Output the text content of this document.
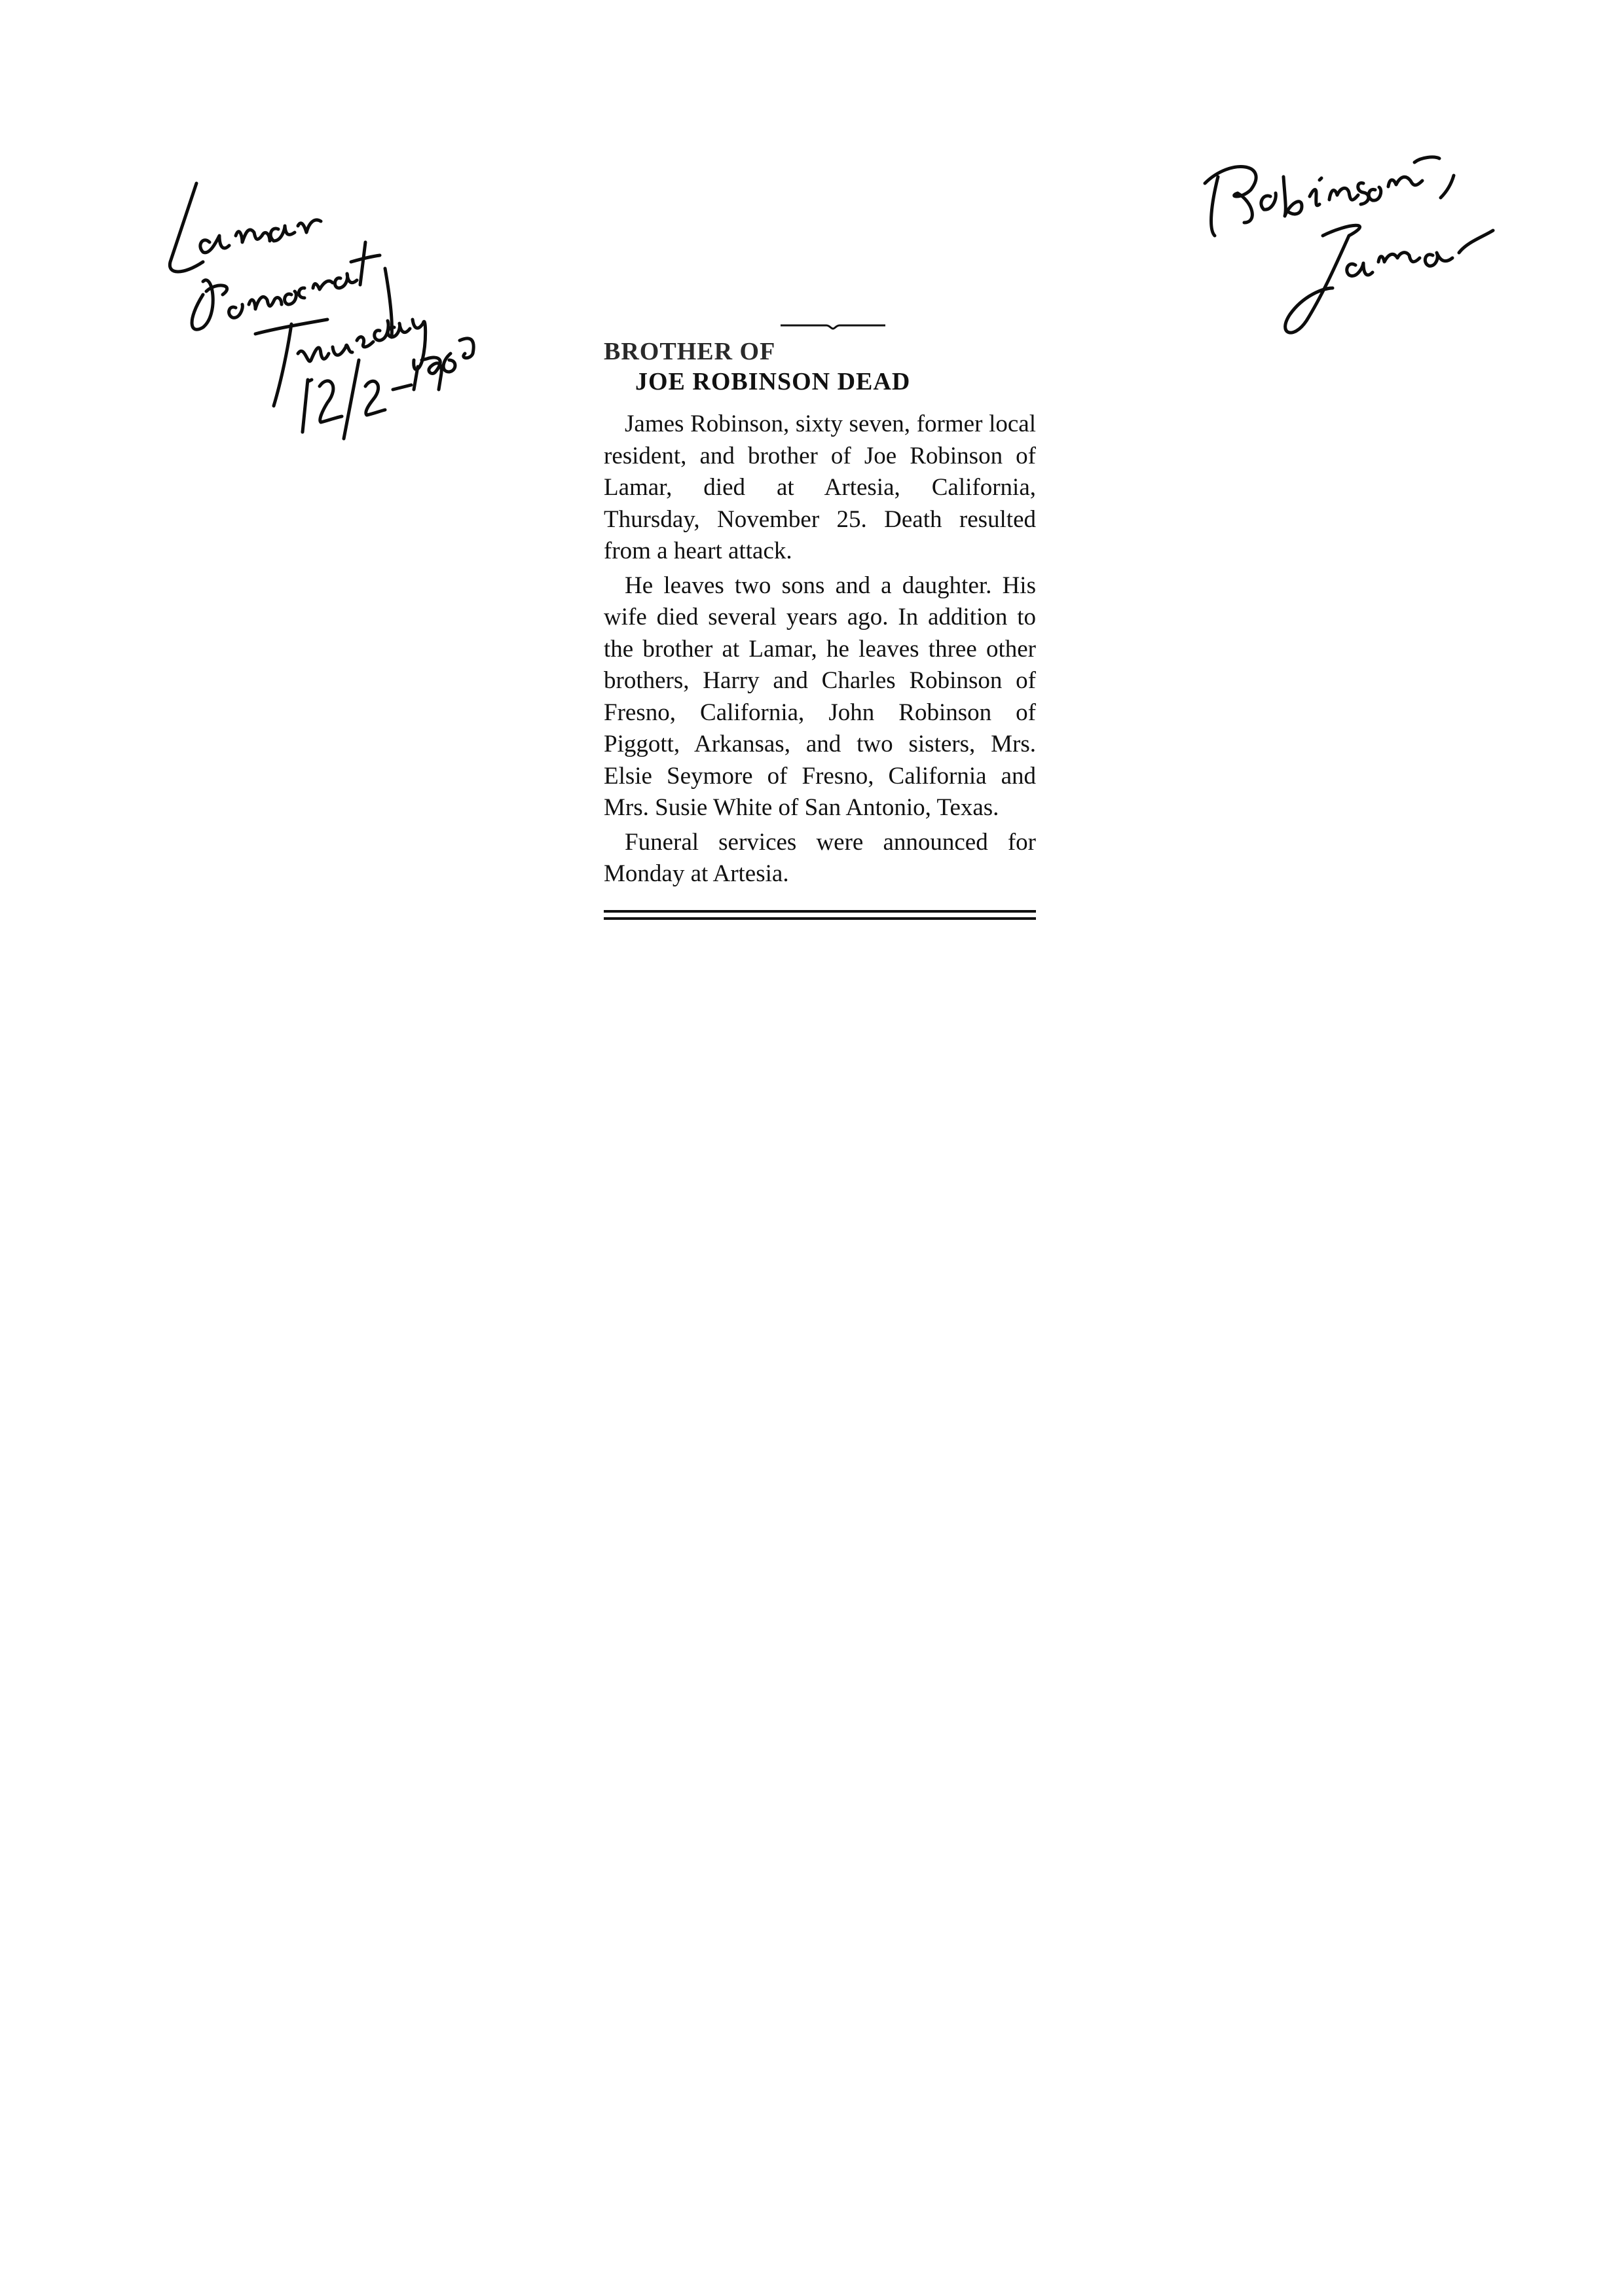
BROTHER OF
JOE ROBINSON DEAD

James Robinson, sixty seven, former local resident, and brother of Joe Robinson of Lamar, died at Artesia, California, Thursday, November 25. Death resulted from a heart attack.

He leaves two sons and a daughter. His wife died several years ago. In addition to the brother at Lamar, he leaves three other brothers, Harry and Charles Robinson of Fresno, California, John Robinson of Piggott, Arkansas, and two sisters, Mrs. Elsie Seymore of Fresno, California and Mrs. Susie White of San Antonio, Texas.

Funeral services were announced for Monday at Artesia.
